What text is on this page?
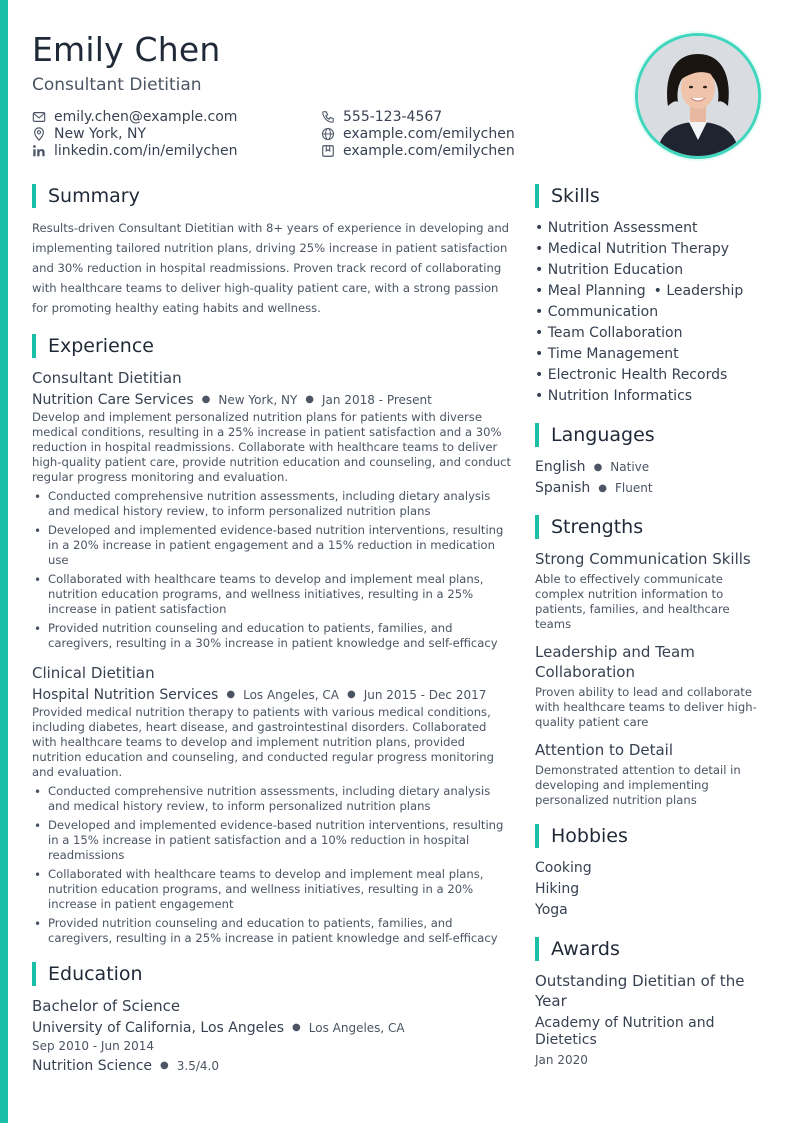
Emily Chen
Consultant Dietitian
emily.chen@example.com	555-123-4567
New York, NY	example.com/emilychen
linkedin.com/in/emilychen	example.com/emilychen
Summary

Results-driven Consultant Dietitian with 8+ years of experience in developing and implementing tailored nutrition plans, driving 25% increase in patient satisfaction and 30% reduction in hospital readmissions. Proven track record of collaborating with healthcare teams to deliver high-quality patient care, with a strong passion for promoting healthy eating habits and wellness.

Experience
Consultant Dietitian
Nutrition Care Services ● New York, NY ● Jan 2018 - Present

Develop and implement personalized nutrition plans for patients with diverse medical conditions, resulting in a 25% increase in patient satisfaction and a 30% reduction in hospital readmissions. Collaborate with healthcare teams to deliver high-quality patient care, provide nutrition education and counseling, and conduct regular progress monitoring and evaluation.

• Conducted comprehensive nutrition assessments, including dietary analysis and medical history review, to inform personalized nutrition plans
• Developed and implemented evidence-based nutrition interventions, resulting in a 20% increase in patient engagement and a 15% reduction in medication use
• Collaborated with healthcare teams to develop and implement meal plans, nutrition education programs, and wellness initiatives, resulting in a 25% increase in patient satisfaction
• Provided nutrition counseling and education to patients, families, and caregivers, resulting in a 30% increase in patient knowledge and self-efficacy
Clinical Dietitian
Hospital Nutrition Services ● Los Angeles, CA ● Jun 2015 - Dec 2017

Provided medical nutrition therapy to patients with various medical conditions, including diabetes, heart disease, and gastrointestinal disorders. Collaborated with healthcare teams to develop and implement nutrition plans, provided nutrition education and counseling, and conducted regular progress monitoring and evaluation.

• Conducted comprehensive nutrition assessments, including dietary analysis and medical history review, to inform personalized nutrition plans
• Developed and implemented evidence-based nutrition interventions, resulting in a 15% increase in patient satisfaction and a 10% reduction in hospital readmissions
• Collaborated with healthcare teams to develop and implement meal plans, nutrition education programs, and wellness initiatives, resulting in a 20% increase in patient engagement
• Provided nutrition counseling and education to patients, families, and caregivers, resulting in a 25% increase in patient knowledge and self-efficacy
Education
Bachelor of Science
University of California, Los Angeles ● Los Angeles, CA
Sep 2010 - Jun 2014
Nutrition Science ● 3.5/4.0
Skills
• Nutrition Assessment
• Medical Nutrition Therapy
• Nutrition Education
• Meal Planning
•	Leadership
• Communication
• Team Collaboration
• Time Management
• Electronic Health Records
• Nutrition Informatics
Languages
English ● Native
Spanish ● Fluent
Strengths
Strong Communication Skills

Able to effectively communicate complex nutrition information to patients, families, and healthcare teams

Leadership and Team Collaboration

Proven ability to lead and collaborate with healthcare teams to deliver high-quality patient care

Attention to Detail

Demonstrated attention to detail in developing and implementing personalized nutrition plans

Hobbies
Cooking
Hiking
Yoga
Awards
Outstanding Dietitian of the Year
Academy of Nutrition and Dietetics
Jan 2020
